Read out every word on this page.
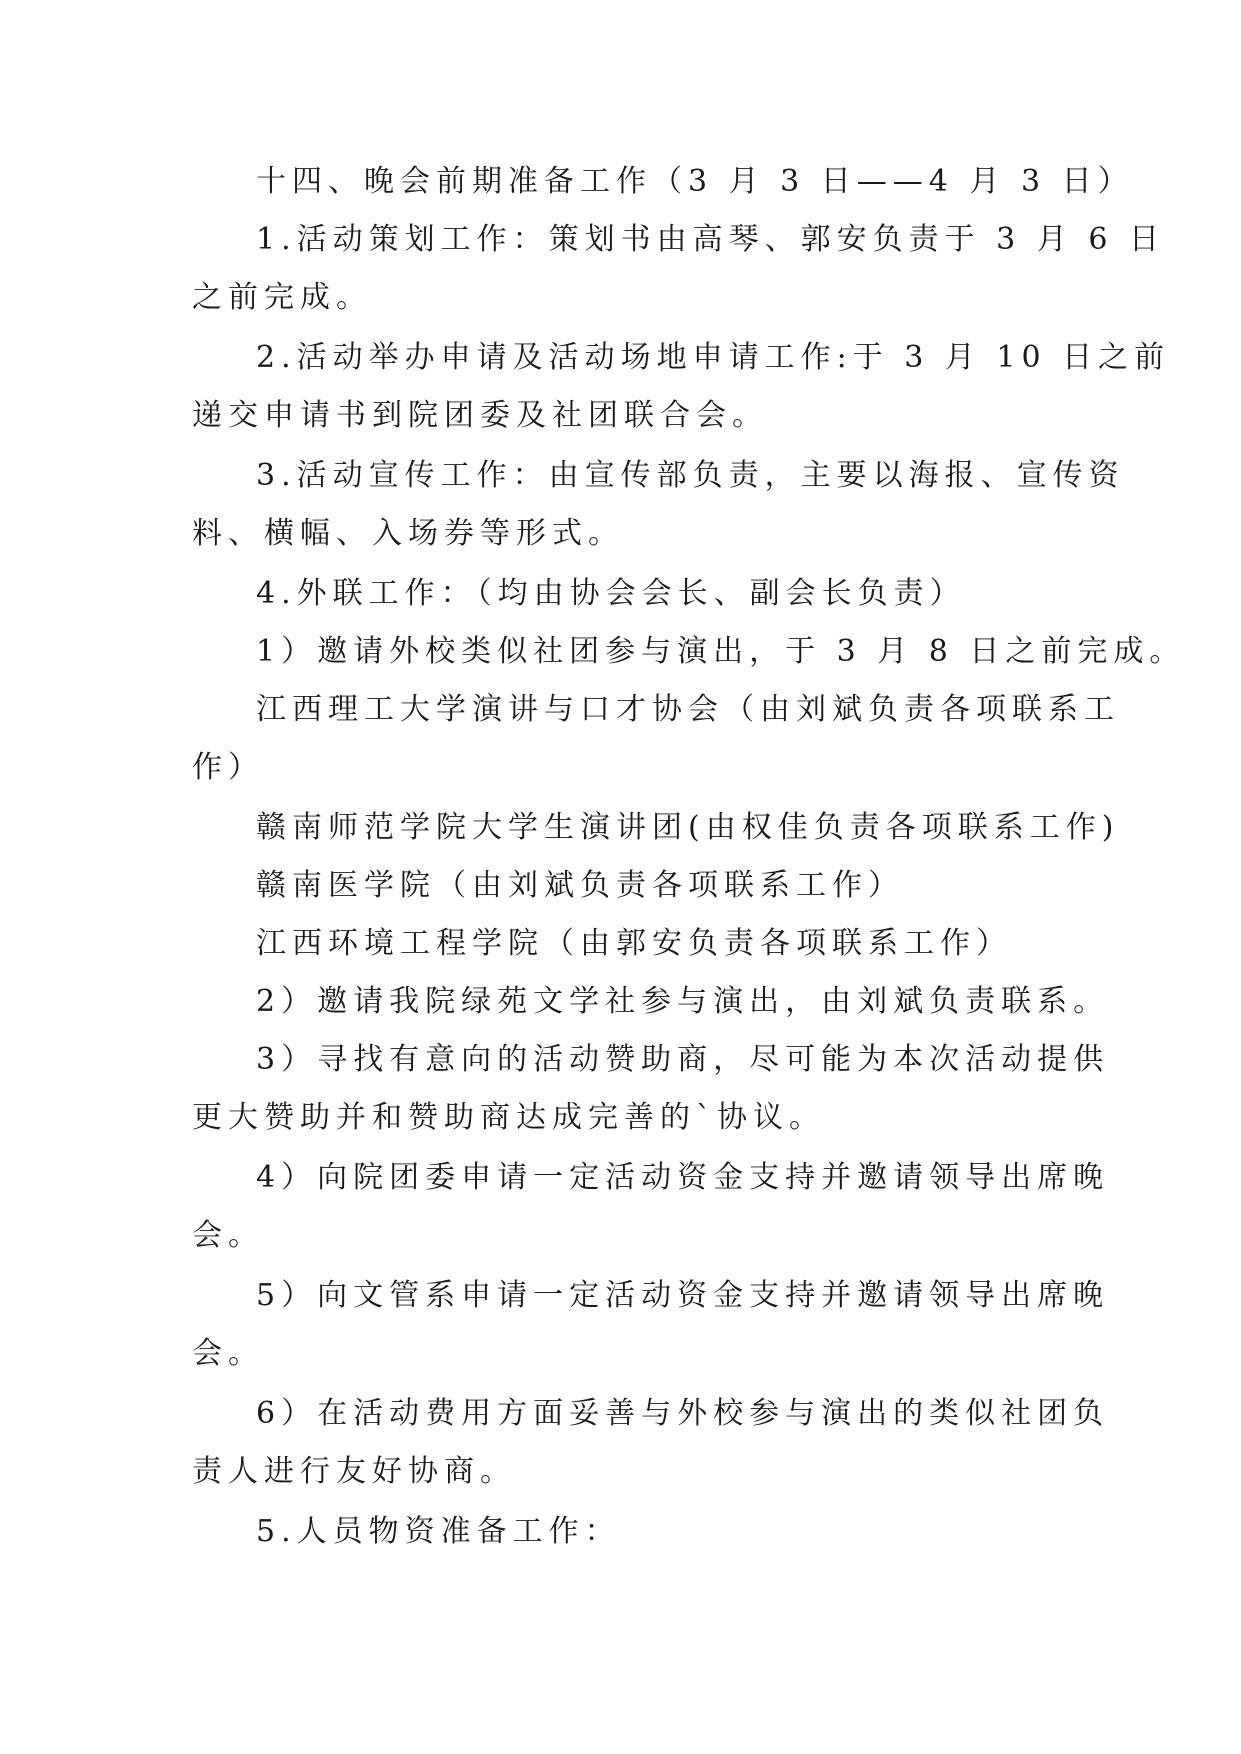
十四、晚会前期准备工作（3 月 3 日——4 月 3 日）

1.活动策划工作：策划书由高琴、郭安负责于 3 月 6 日

之前完成。

2.活动举办申请及活动场地申请工作:于 3 月 10 日之前

递交申请书到院团委及社团联合会。

3.活动宣传工作：由宣传部负责，主要以海报、宣传资

料、横幅、入场券等形式。

4.外联工作：（均由协会会长、副会长负责）

1）邀请外校类似社团参与演出，于 3 月 8 日之前完成。

江西理工大学演讲与口才协会（由刘斌负责各项联系工

作）

赣南师范学院大学生演讲团(由权佳负责各项联系工作)

赣南医学院（由刘斌负责各项联系工作）

江西环境工程学院（由郭安负责各项联系工作）

2）邀请我院绿苑文学社参与演出，由刘斌负责联系。

3）寻找有意向的活动赞助商，尽可能为本次活动提供

更大赞助并和赞助商达成完善的`协议。

4）向院团委申请一定活动资金支持并邀请领导出席晚

会。

5）向文管系申请一定活动资金支持并邀请领导出席晚

会。

6）在活动费用方面妥善与外校参与演出的类似社团负

责人进行友好协商。

5.人员物资准备工作：
